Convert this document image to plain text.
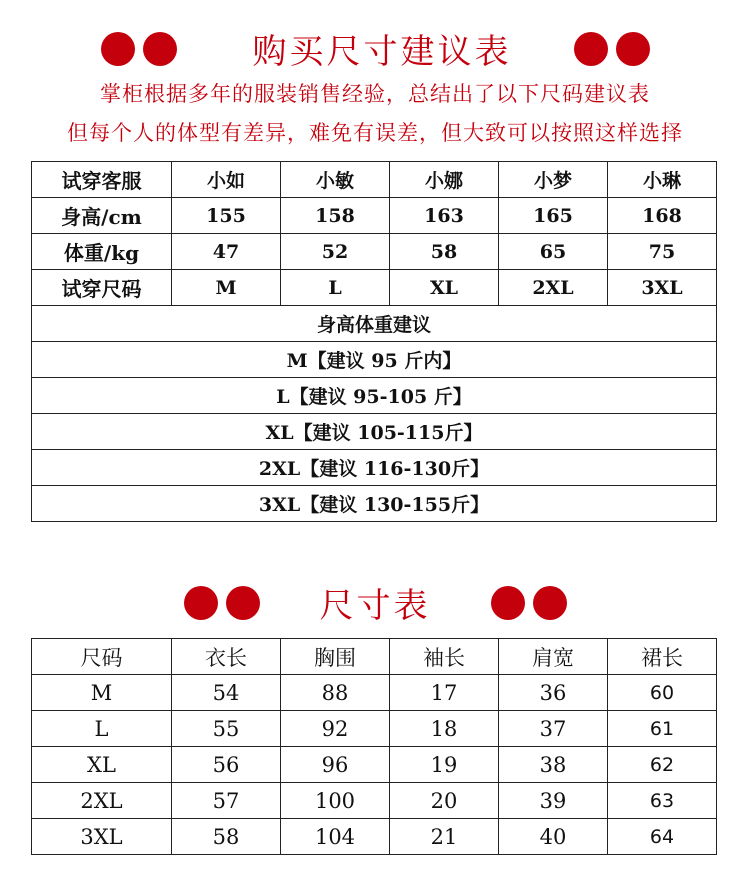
购买尺寸建议表
掌柜根据多年的服装销售经验，总结出了以下尺码建议表
但每个人的体型有差异，难免有误差，但大致可以按照这样选择
试穿客服	小如	小敏	小娜	小梦	小琳
身高/cm	155	158	163	165	168
体重/kg	47	52	58	65	75
试穿尺码	M	L	XL	2XL	3XL
身高体重建议					
M【建议 95 斤内】					
L【建议 95-105 斤】					
XL【建议 105-115斤】					
2XL【建议 116-130斤】					
3XL【建议 130-155斤】					
尺寸表
尺码	衣长	胸围	袖长	肩宽	裙长
M	54	88	17	36	60
L	55	92	18	37	61
XL	56	96	19	38	62
2XL	57	100	20	39	63
3XL	58	104	21	40	64
